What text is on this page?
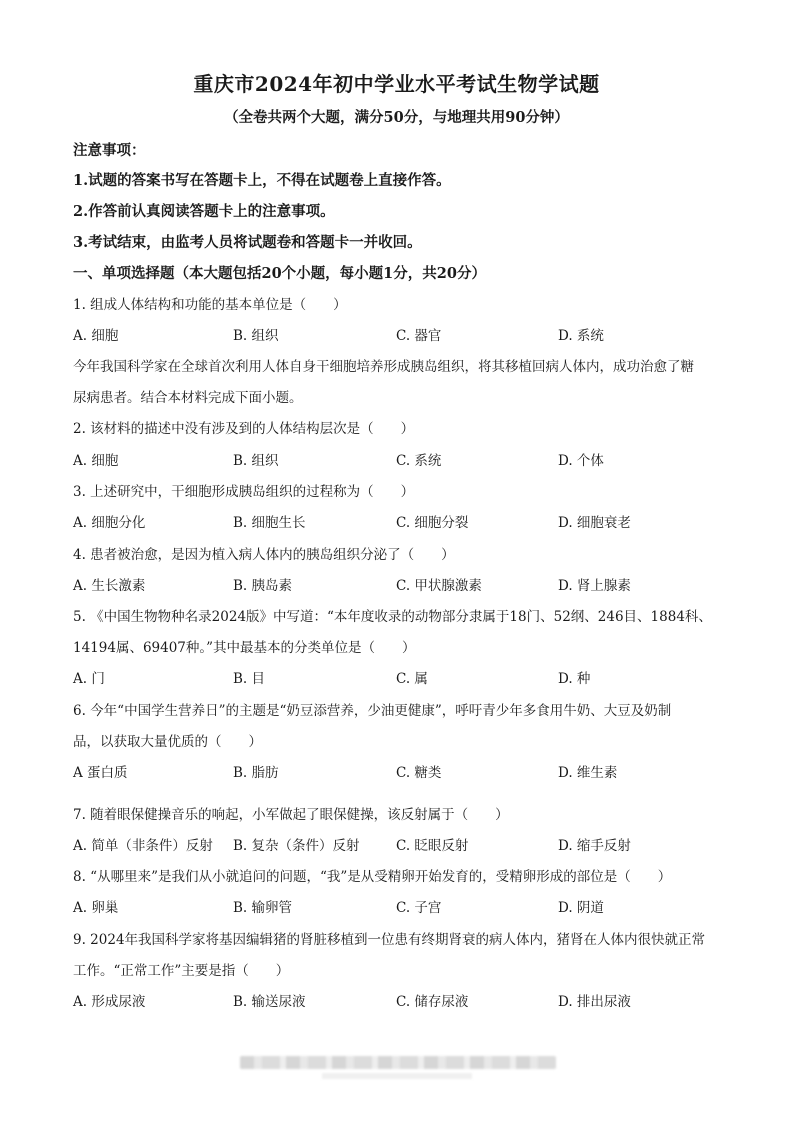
重庆市2024年初中学业水平考试生物学试题
（全卷共两个大题，满分50分，与地理共用90分钟）
注意事项：
1.试题的答案书写在答题卡上，不得在试题卷上直接作答。
2.作答前认真阅读答题卡上的注意事项。
3.考试结束，由监考人员将试题卷和答题卡一并收回。
一、单项选择题（本大题包括20个小题，每小题1分，共20分）
1. 组成人体结构和功能的基本单位是（　　）
A. 细胞	B. 组织	C. 器官	D. 系统
今年我国科学家在全球首次利用人体自身干细胞培养形成胰岛组织，将其移植回病人体内，成功治愈了糖
尿病患者。结合本材料完成下面小题。
2. 该材料的描述中没有涉及到的人体结构层次是（　　）
A. 细胞	B. 组织	C. 系统	D. 个体
3. 上述研究中，干细胞形成胰岛组织的过程称为（　　）
A. 细胞分化	B. 细胞生长	C. 细胞分裂	D. 细胞衰老
4. 患者被治愈，是因为植入病人体内的胰岛组织分泌了（　　）
A. 生长激素	B. 胰岛素	C. 甲状腺激素	D. 肾上腺素
5. 《中国生物物种名录2024版》中写道：“本年度收录的动物部分隶属于18门、52纲、246目、1884科、
14194属、69407种。”其中最基本的分类单位是（　　）
A. 门	B. 目	C. 属	D. 种
6. 今年“中国学生营养日”的主题是“奶豆添营养，少油更健康”，呼吁青少年多食用牛奶、大豆及奶制
品，以获取大量优质的（　　）
A 蛋白质	B. 脂肪	C. 糖类	D. 维生素
7. 随着眼保健操音乐的响起，小军做起了眼保健操，该反射属于（　　）
A. 简单（非条件）反射 B. 复杂（条件）反射	C. 眨眼反射	D. 缩手反射
8. “从哪里来”是我们从小就追问的问题，“我”是从受精卵开始发育的，受精卵形成的部位是（　　）
A. 卵巢	B. 输卵管	C. 子宫	D. 阴道
9. 2024年我国科学家将基因编辑猪的肾脏移植到一位患有终期肾衰的病人体内，猪肾在人体内很快就正常
工作。“正常工作”主要是指（　　）
A. 形成尿液	B. 输送尿液	C. 储存尿液	D. 排出尿液
